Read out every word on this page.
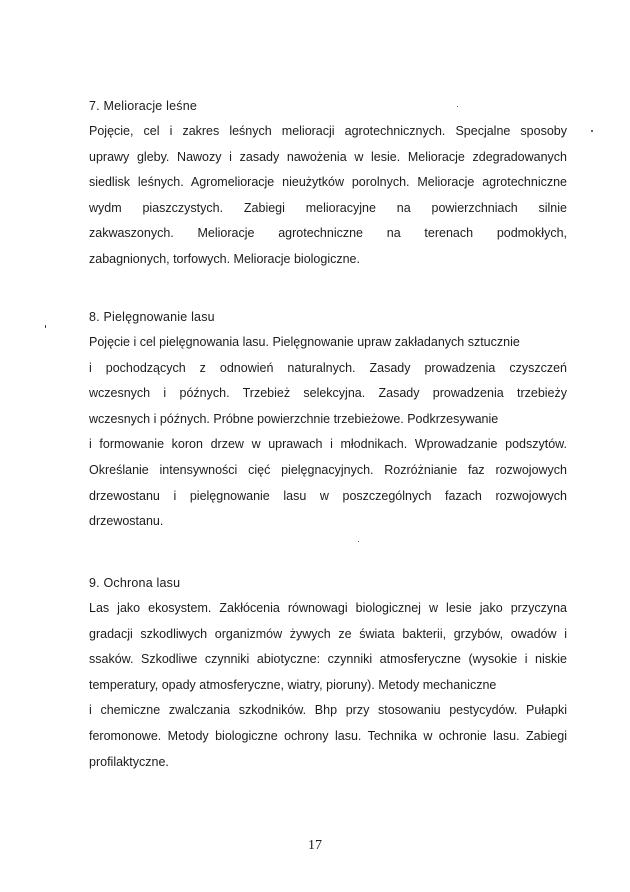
7. Melioracje leśne
Pojęcie, cel i zakres leśnych melioracji agrotechnicznych. Specjalne sposoby
uprawy gleby. Nawozy i zasady nawożenia w lesie. Melioracje zdegradowanych
siedlisk leśnych. Agromelioracje nieużytków porolnych. Melioracje agrotechniczne
wydm piaszczystych. Zabiegi melioracyjne na powierzchniach silnie
zakwaszonych. Melioracje agrotechniczne na terenach podmokłych,
zabagnionych, torfowych. Melioracje biologiczne.
8. Pielęgnowanie lasu
Pojęcie i cel pielęgnowania lasu. Pielęgnowanie upraw zakładanych sztucznie
i pochodzących z odnowień naturalnych. Zasady prowadzenia czyszczeń
wczesnych i późnych. Trzebież selekcyjna. Zasady prowadzenia trzebieży
wczesnych i późnych. Próbne powierzchnie trzebieżowe. Podkrzesywanie
i formowanie koron drzew w uprawach i młodnikach. Wprowadzanie podszytów.
Określanie intensywności cięć pielęgnacyjnych. Rozróżnianie faz rozwojowych
drzewostanu i pielęgnowanie lasu w poszczególnych fazach rozwojowych
drzewostanu.
9. Ochrona lasu
Las jako ekosystem. Zakłócenia równowagi biologicznej w lesie jako przyczyna
gradacji szkodliwych organizmów żywych ze świata bakterii, grzybów, owadów i
ssaków. Szkodliwe czynniki abiotyczne: czynniki atmosferyczne (wysokie i niskie
temperatury, opady atmosferyczne, wiatry, pioruny). Metody mechaniczne
i chemiczne zwalczania szkodników. Bhp przy stosowaniu pestycydów. Pułapki
feromonowe. Metody biologiczne ochrony lasu. Technika w ochronie lasu. Zabiegi
profilaktyczne.
17
